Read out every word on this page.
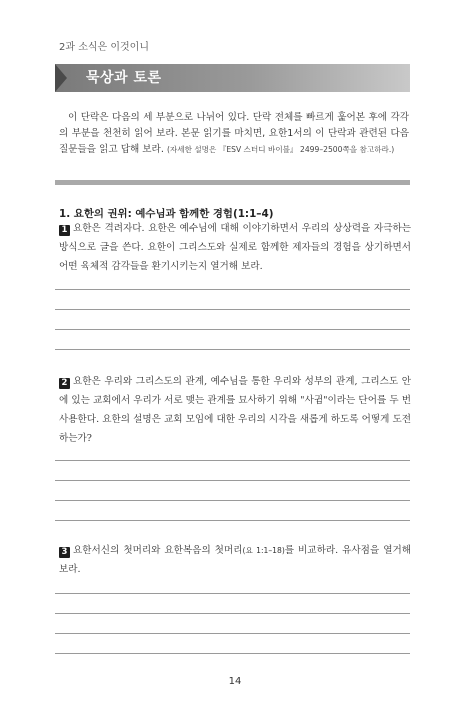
2과 소식은 이것이니
묵상과 토론

이 단락은 다음의 세 부분으로 나뉘어 있다. 단락 전체를 빠르게 훑어본 후에 각각의 부분을 천천히 읽어 보라. 본문 읽기를 마치면, 요한1서의 이 단락과 관련된 다음 질문들을 읽고 답해 보라. (자세한 설명은 『ESV 스터디 바이블』 2499–2500쪽을 참고하라.)

1. 요한의 권위: 예수님과 함께한 경험(1:1–4)

1 요한은 격려자다. 요한은 예수님에 대해 이야기하면서 우리의 상상력을 자극하는 방식으로 글을 쓴다. 요한이 그리스도와 실제로 함께한 제자들의 경험을 상기하면서 어떤 육체적 감각들을 환기시키는지 열거해 보라.

2 요한은 우리와 그리스도의 관계, 예수님을 통한 우리와 성부의 관계, 그리스도 안에 있는 교회에서 우리가 서로 맺는 관계를 묘사하기 위해 "사귐"이라는 단어를 두 번 사용한다. 요한의 설명은 교회 모임에 대한 우리의 시각을 새롭게 하도록 어떻게 도전하는가?

3 요한서신의 첫머리와 요한복음의 첫머리(요 1:1–18)를 비교하라. 유사점을 열거해 보라.

14
